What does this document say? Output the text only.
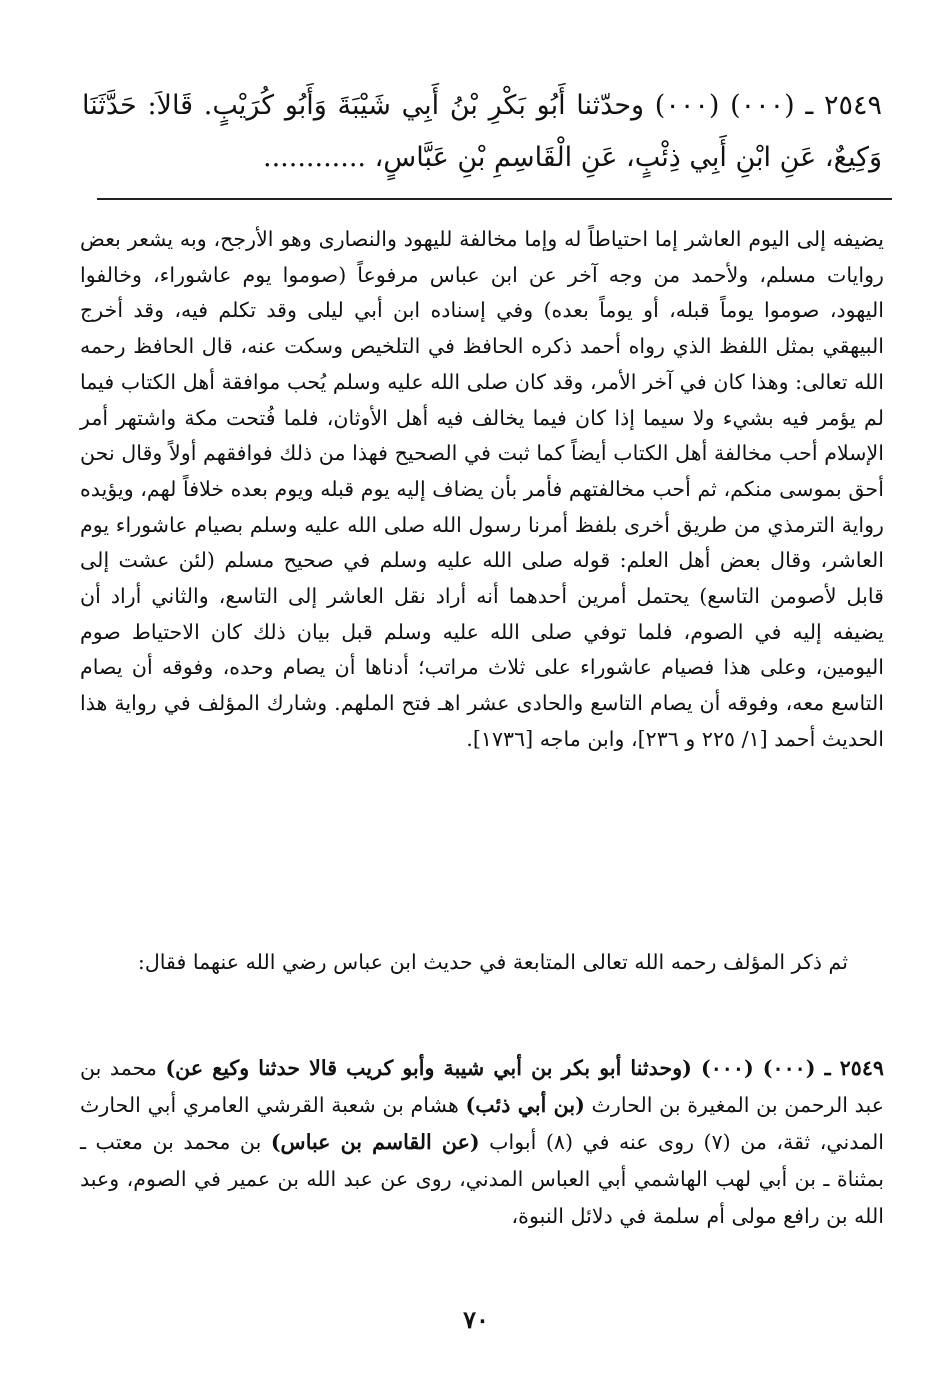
٢٥٤٩ ـ (٠٠٠) (٠٠٠) وحدّثنا أَبُو بَكْرِ بْنُ أَبِي شَيْبَةَ وَأَبُو كُرَيْبٍ. قَالاَ: حَدَّثَنَا وَكِيعٌ، عَنِ ابْنِ أَبِي ذِئْبٍ، عَنِ الْقَاسِمِ بْنِ عَبَّاسٍ، ............

يضيفه إلى اليوم العاشر إما احتياطاً له وإما مخالفة لليهود والنصارى وهو الأرجح، وبه يشعر بعض روايات مسلم، ولأحمد من وجه آخر عن ابن عباس مرفوعاً (صوموا يوم عاشوراء، وخالفوا اليهود، صوموا يوماً قبله، أو يوماً بعده) وفي إسناده ابن أبي ليلى وقد تكلم فيه، وقد أخرج البيهقي بمثل اللفظ الذي رواه أحمد ذكره الحافظ في التلخيص وسكت عنه، قال الحافظ رحمه الله تعالى: وهذا كان في آخر الأمر، وقد كان صلى الله عليه وسلم يُحب موافقة أهل الكتاب فيما لم يؤمر فيه بشيء ولا سيما إذا كان فيما يخالف فيه أهل الأوثان، فلما فُتحت مكة واشتهر أمر الإسلام أحب مخالفة أهل الكتاب أيضاً كما ثبت في الصحيح فهذا من ذلك فوافقهم أولاً وقال نحن أحق بموسى منكم، ثم أحب مخالفتهم فأمر بأن يضاف إليه يوم قبله ويوم بعده خلافاً لهم، ويؤيده رواية الترمذي من طريق أخرى بلفظ أمرنا رسول الله صلى الله عليه وسلم بصيام عاشوراء يوم العاشر، وقال بعض أهل العلم: قوله صلى الله عليه وسلم في صحيح مسلم (لئن عشت إلى قابل لأصومن التاسع) يحتمل أمرين أحدهما أنه أراد نقل العاشر إلى التاسع، والثاني أراد أن يضيفه إليه في الصوم، فلما توفي صلى الله عليه وسلم قبل بيان ذلك كان الاحتياط صوم اليومين، وعلى هذا فصيام عاشوراء على ثلاث مراتب؛ أدناها أن يصام وحده، وفوقه أن يصام التاسع معه، وفوقه أن يصام التاسع والحادى عشر اهـ فتح الملهم. وشارك المؤلف في رواية هذا الحديث أحمد [١/ ٢٢٥ و ٢٣٦]، وابن ماجه [١٧٣٦].

ثم ذكر المؤلف رحمه الله تعالى المتابعة في حديث ابن عباس رضي الله عنهما فقال:

٢٥٤٩ ـ (٠٠٠) (٠٠٠) (وحدثنا أبو بكر بن أبي شيبة وأبو كريب قالا حدثنا وكيع عن) محمد بن عبد الرحمن بن المغيرة بن الحارث (بن أبي ذئب) هشام بن شعبة القرشي العامري أبي الحارث المدني، ثقة، من (٧) روى عنه في (٨) أبواب (عن القاسم بن عباس) بن محمد بن معتب ـ بمثناة ـ بن أبي لهب الهاشمي أبي العباس المدني، روى عن عبد الله بن عمير في الصوم، وعبد الله بن رافع مولى أم سلمة في دلائل النبوة،

٧٠
